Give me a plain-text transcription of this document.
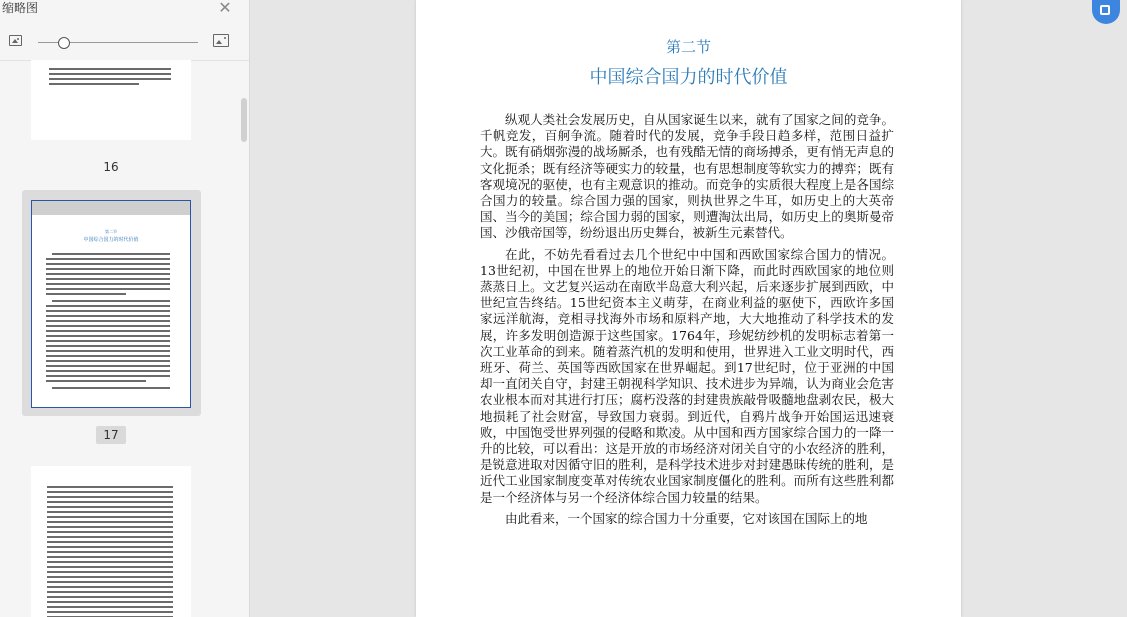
缩略图	✕
16
第二节
中国综合国力的时代价值
17
第二节
中国综合国力的时代价值

纵观人类社会发展历史，自从国家诞生以来，就有了国家之间的竞争。千帆竞发，百舸争流。随着时代的发展，竞争手段日趋多样，范围日益扩大。既有硝烟弥漫的战场厮杀，也有残酷无情的商场搏杀，更有悄无声息的文化扼杀；既有经济等硬实力的较量，也有思想制度等软实力的搏弈；既有客观境况的驱使，也有主观意识的推动。而竞争的实质很大程度上是各国综合国力的较量。综合国力强的国家，则执世界之牛耳，如历史上的大英帝国、当今的美国；综合国力弱的国家，则遭淘汰出局，如历史上的奥斯曼帝国、沙俄帝国等，纷纷退出历史舞台，被新生元素替代。

在此，不妨先看看过去几个世纪中中国和西欧国家综合国力的情况。13世纪初，中国在世界上的地位开始日渐下降，而此时西欧国家的地位则蒸蒸日上。文艺复兴运动在南欧半岛意大利兴起，后来逐步扩展到西欧，中世纪宣告终结。15世纪资本主义萌芽，在商业利益的驱使下，西欧许多国家远洋航海，竞相寻找海外市场和原料产地，大大地推动了科学技术的发展，许多发明创造源于这些国家。1764年，珍妮纺纱机的发明标志着第一次工业革命的到来。随着蒸汽机的发明和使用，世界进入工业文明时代，西班牙、荷兰、英国等西欧国家在世界崛起。到17世纪时，位于亚洲的中国却一直闭关自守，封建王朝视科学知识、技术进步为异端，认为商业会危害农业根本而对其进行打压；腐朽没落的封建贵族敲骨吸髓地盘剥农民，极大地损耗了社会财富，导致国力衰弱。到近代，自鸦片战争开始国运迅速衰败，中国饱受世界列强的侵略和欺凌。从中国和西方国家综合国力的一降一升的比较，可以看出：这是开放的市场经济对闭关自守的小农经济的胜利，是锐意进取对因循守旧的胜利，是科学技术进步对封建愚昧传统的胜利，是近代工业国家制度变革对传统农业国家制度僵化的胜利。而所有这些胜利都是一个经济体与另一个经济体综合国力较量的结果。

由此看来，一个国家的综合国力十分重要，它对该国在国际上的地
